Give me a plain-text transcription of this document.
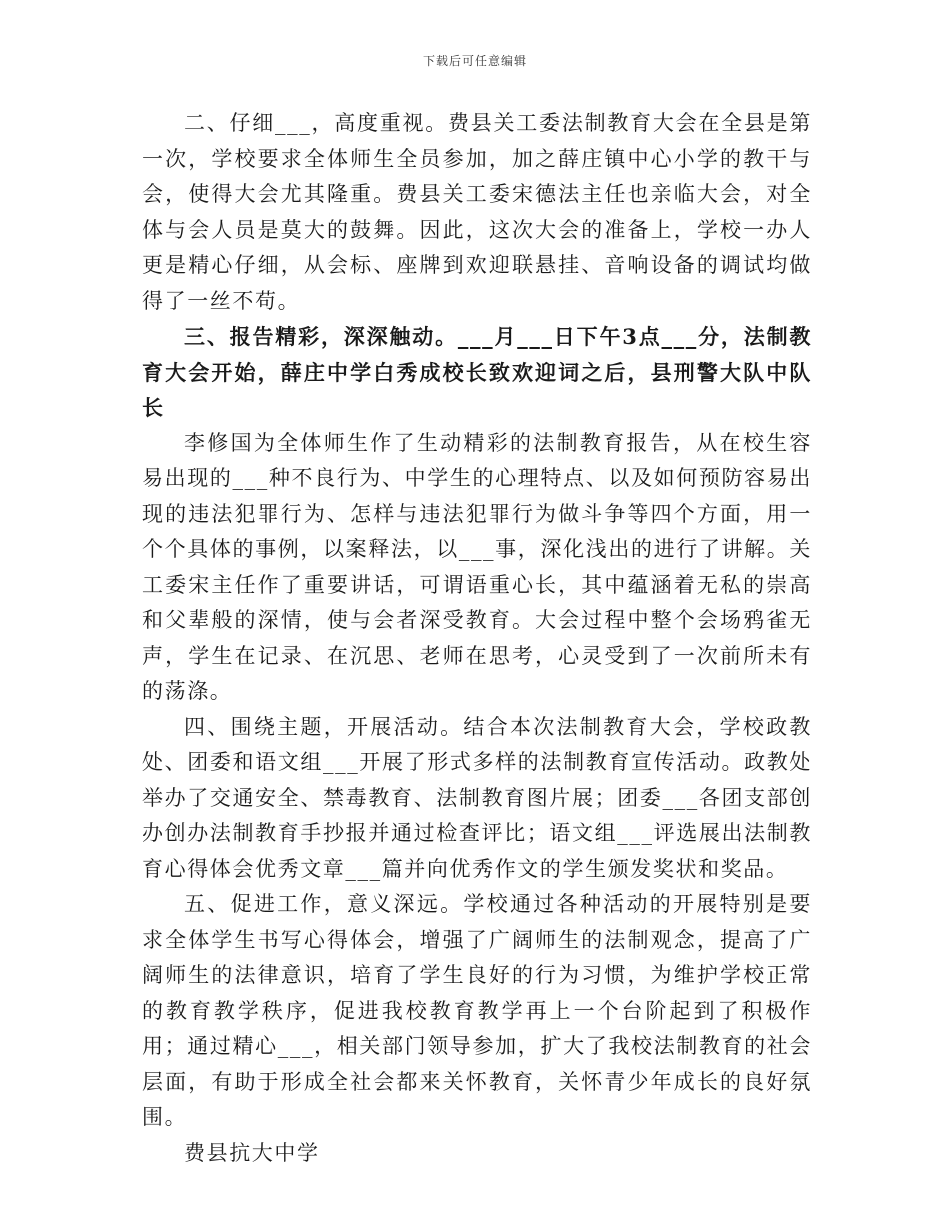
下载后可任意编辑

二、仔细___，高度重视。费县关工委法制教育大会在全县是第一次，学校要求全体师生全员参加，加之薛庄镇中心小学的教干与会，使得大会尤其隆重。费县关工委宋德法主任也亲临大会，对全体与会人员是莫大的鼓舞。因此，这次大会的准备上，学校一办人更是精心仔细，从会标、座牌到欢迎联悬挂、音响设备的调试均做得了一丝不苟。

三、报告精彩，深深触动。___月___日下午3点___分，法制教育大会开始，薛庄中学白秀成校长致欢迎词之后，县刑警大队中队长

李修国为全体师生作了生动精彩的法制教育报告，从在校生容易出现的___种不良行为、中学生的心理特点、以及如何预防容易出现的违法犯罪行为、怎样与违法犯罪行为做斗争等四个方面，用一个个具体的事例，以案释法，以___事，深化浅出的进行了讲解。关工委宋主任作了重要讲话，可谓语重心长，其中蕴涵着无私的崇高和父辈般的深情，使与会者深受教育。大会过程中整个会场鸦雀无声，学生在记录、在沉思、老师在思考，心灵受到了一次前所未有的荡涤。

四、围绕主题，开展活动。结合本次法制教育大会，学校政教处、团委和语文组___开展了形式多样的法制教育宣传活动。政教处举办了交通安全、禁毒教育、法制教育图片展；团委___各团支部创办创办法制教育手抄报并通过检查评比；语文组___评选展出法制教育心得体会优秀文章___篇并向优秀作文的学生颁发奖状和奖品。

五、促进工作，意义深远。学校通过各种活动的开展特别是要求全体学生书写心得体会，增强了广阔师生的法制观念，提高了广阔师生的法律意识，培育了学生良好的行为习惯，为维护学校正常的教育教学秩序，促进我校教育教学再上一个台阶起到了积极作用；通过精心___，相关部门领导参加，扩大了我校法制教育的社会层面，有助于形成全社会都来关怀教育，关怀青少年成长的良好氛围。

费县抗大中学
